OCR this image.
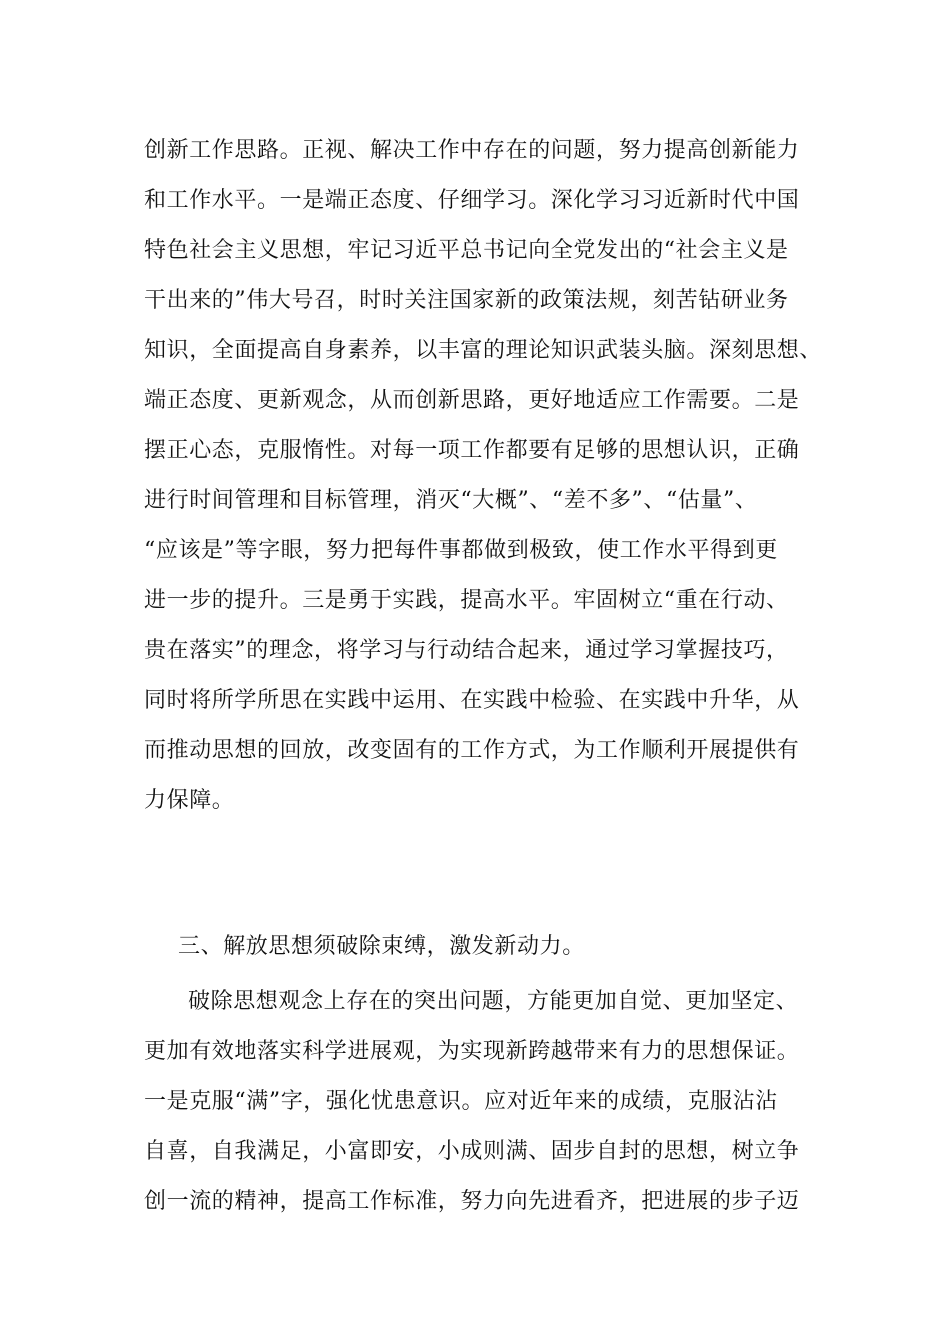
创新工作思路。正视、解决工作中存在的问题，努力提高创新能力
和工作水平。一是端正态度、仔细学习。深化学习习近新时代中国
特色社会主义思想，牢记习近平总书记向全党发出的“社会主义是
干出来的”伟大号召，时时关注国家新的政策法规，刻苦钻研业务
知识，全面提高自身素养，以丰富的理论知识武装头脑。深刻思想、
端正态度、更新观念，从而创新思路，更好地适应工作需要。二是
摆正心态，克服惰性。对每一项工作都要有足够的思想认识，正确
进行时间管理和目标管理，消灭“大概”、“差不多”、“估量”、
“应该是”等字眼，努力把每件事都做到极致，使工作水平得到更
进一步的提升。三是勇于实践，提高水平。牢固树立“重在行动、
贵在落实”的理念，将学习与行动结合起来，通过学习掌握技巧，
同时将所学所思在实践中运用、在实践中检验、在实践中升华，从
而推动思想的回放，改变固有的工作方式，为工作顺利开展提供有
力保障。
三、解放思想须破除束缚，激发新动力。
破除思想观念上存在的突出问题，方能更加自觉、更加坚定、
更加有效地落实科学进展观，为实现新跨越带来有力的思想保证。
一是克服“满”字，强化忧患意识。应对近年来的成绩，克服沾沾
自喜，自我满足，小富即安，小成则满、固步自封的思想，树立争
创一流的精神，提高工作标准，努力向先进看齐，把进展的步子迈
